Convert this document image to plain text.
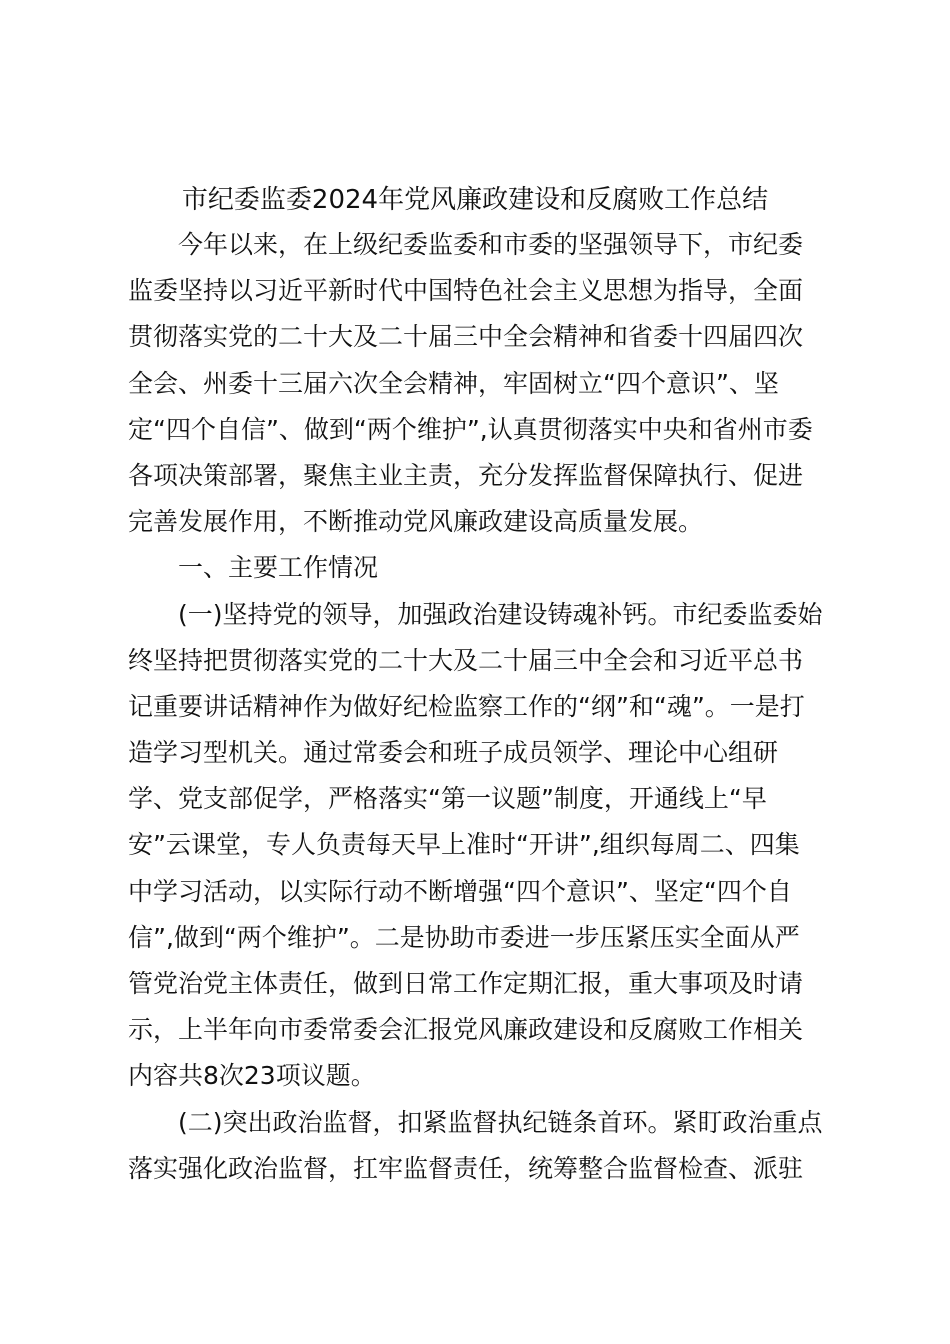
市纪委监委2024年党风廉政建设和反腐败工作总结
今年以来，在上级纪委监委和市委的坚强领导下，市纪委
监委坚持以习近平新时代中国特色社会主义思想为指导，全面
贯彻落实党的二十大及二十届三中全会精神和省委十四届四次
全会、州委十三届六次全会精神，牢固树立“四个意识”、坚
定“四个自信”、做到“两个维护”,认真贯彻落实中央和省州市委
各项决策部署，聚焦主业主责，充分发挥监督保障执行、促进
完善发展作用，不断推动党风廉政建设高质量发展。
一、主要工作情况
(一)坚持党的领导，加强政治建设铸魂补钙。市纪委监委始
终坚持把贯彻落实党的二十大及二十届三中全会和习近平总书
记重要讲话精神作为做好纪检监察工作的“纲”和“魂”。一是打
造学习型机关。通过常委会和班子成员领学、理论中心组研
学、党支部促学，严格落实“第一议题”制度，开通线上“早
安”云课堂，专人负责每天早上准时“开讲”,组织每周二、四集
中学习活动，以实际行动不断增强“四个意识”、坚定“四个自
信”,做到“两个维护”。二是协助市委进一步压紧压实全面从严
管党治党主体责任，做到日常工作定期汇报，重大事项及时请
示，上半年向市委常委会汇报党风廉政建设和反腐败工作相关
内容共8次23项议题。
(二)突出政治监督，扣紧监督执纪链条首环。紧盯政治重点
落实强化政治监督，扛牢监督责任，统筹整合监督检查、派驻
